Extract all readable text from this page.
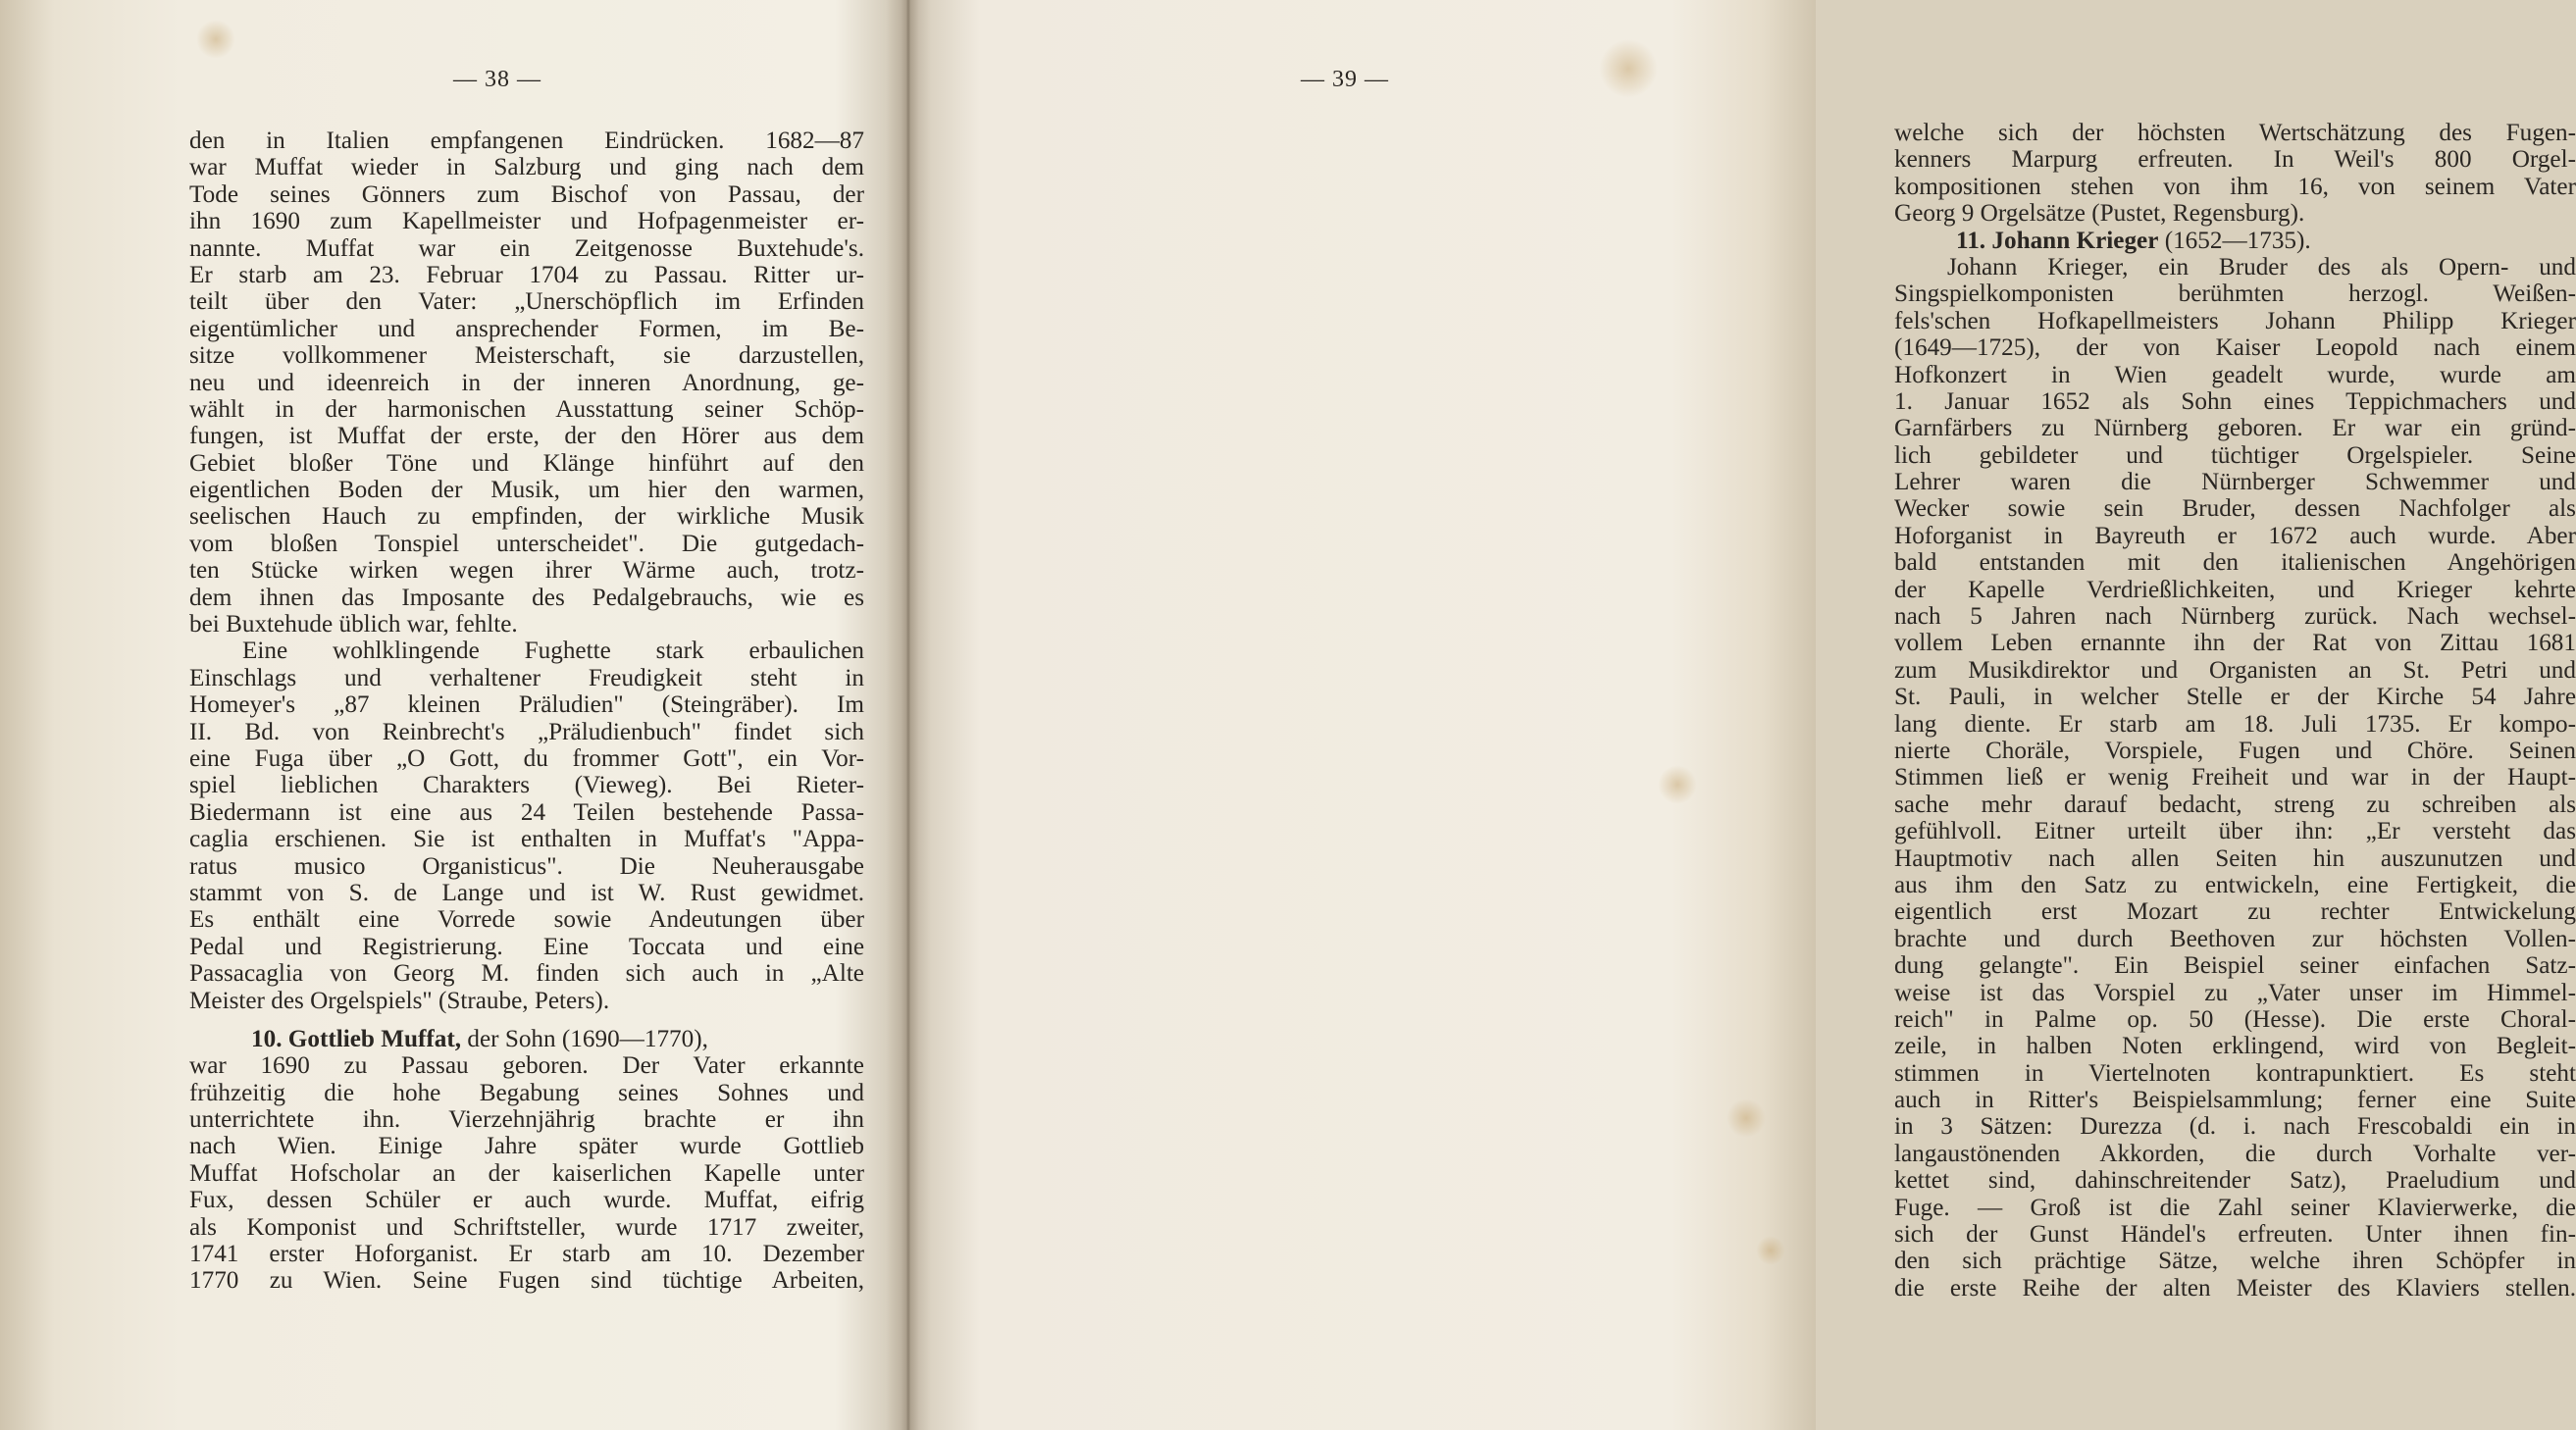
— 38 —
den in Italien empfangenen Eindrücken. 1682—87
war Muffat wieder in Salzburg und ging nach dem
Tode seines Gönners zum Bischof von Passau, der
ihn 1690 zum Kapellmeister und Hofpagenmeister er-
nannte. Muffat war ein Zeitgenosse Buxtehude's.
Er starb am 23. Februar 1704 zu Passau. Ritter ur-
teilt über den Vater: „Unerschöpflich im Erfinden
eigentümlicher und ansprechender Formen, im Be-
sitze vollkommener Meisterschaft, sie darzustellen,
neu und ideenreich in der inneren Anordnung, ge-
wählt in der harmonischen Ausstattung seiner Schöp-
fungen, ist Muffat der erste, der den Hörer aus dem
Gebiet bloßer Töne und Klänge hinführt auf den
eigentlichen Boden der Musik, um hier den warmen,
seelischen Hauch zu empfinden, der wirkliche Musik
vom bloßen Tonspiel unterscheidet". Die gutgedach-
ten Stücke wirken wegen ihrer Wärme auch, trotz-
dem ihnen das Imposante des Pedalgebrauchs, wie es
bei Buxtehude üblich war, fehlte.
Eine wohlklingende Fughette stark erbaulichen
Einschlags und verhaltener Freudigkeit steht in
Homeyer's „87 kleinen Präludien" (Steingräber). Im
II. Bd. von Reinbrecht's „Präludienbuch" findet sich
eine Fuga über „O Gott, du frommer Gott", ein Vor-
spiel lieblichen Charakters (Vieweg). Bei Rieter-
Biedermann ist eine aus 24 Teilen bestehende Passa-
caglia erschienen. Sie ist enthalten in Muffat's "Appa-
ratus musico Organisticus". Die Neuherausgabe
stammt von S. de Lange und ist W. Rust gewidmet.
Es enthält eine Vorrede sowie Andeutungen über
Pedal und Registrierung. Eine Toccata und eine
Passacaglia von Georg M. finden sich auch in „Alte
Meister des Orgelspiels" (Straube, Peters).
10. Gottlieb Muffat, der Sohn (1690—1770),
war 1690 zu Passau geboren. Der Vater erkannte
frühzeitig die hohe Begabung seines Sohnes und
unterrichtete ihn. Vierzehnjährig brachte er ihn
nach Wien. Einige Jahre später wurde Gottlieb
Muffat Hofscholar an der kaiserlichen Kapelle unter
Fux, dessen Schüler er auch wurde. Muffat, eifrig
als Komponist und Schriftsteller, wurde 1717 zweiter,
1741 erster Hoforganist. Er starb am 10. Dezember
1770 zu Wien. Seine Fugen sind tüchtige Arbeiten,
welche sich der höchsten Wertschätzung des Fugen-
kenners Marpurg erfreuten. In Weil's 800 Orgel-
kompositionen stehen von ihm 16, von seinem Vater
Georg 9 Orgelsätze (Pustet, Regensburg).
11. Johann Krieger (1652—1735).
Johann Krieger, ein Bruder des als Opern- und
Singspielkomponisten berühmten herzogl. Weißen-
fels'schen Hofkapellmeisters Johann Philipp Krieger
(1649—1725), der von Kaiser Leopold nach einem
Hofkonzert in Wien geadelt wurde, wurde am
1. Januar 1652 als Sohn eines Teppichmachers und
Garnfärbers zu Nürnberg geboren. Er war ein gründ-
lich gebildeter und tüchtiger Orgelspieler. Seine
Lehrer waren die Nürnberger Schwemmer und
Wecker sowie sein Bruder, dessen Nachfolger als
Hoforganist in Bayreuth er 1672 auch wurde. Aber
bald entstanden mit den italienischen Angehörigen
der Kapelle Verdrießlichkeiten, und Krieger kehrte
nach 5 Jahren nach Nürnberg zurück. Nach wechsel-
vollem Leben ernannte ihn der Rat von Zittau 1681
zum Musikdirektor und Organisten an St. Petri und
St. Pauli, in welcher Stelle er der Kirche 54 Jahre
lang diente. Er starb am 18. Juli 1735. Er kompo-
nierte Choräle, Vorspiele, Fugen und Chöre. Seinen
Stimmen ließ er wenig Freiheit und war in der Haupt-
sache mehr darauf bedacht, streng zu schreiben als
gefühlvoll. Eitner urteilt über ihn: „Er versteht das
Hauptmotiv nach allen Seiten hin auszunutzen und
aus ihm den Satz zu entwickeln, eine Fertigkeit, die
eigentlich erst Mozart zu rechter Entwickelung
brachte und durch Beethoven zur höchsten Vollen-
dung gelangte". Ein Beispiel seiner einfachen Satz-
weise ist das Vorspiel zu „Vater unser im Himmel-
reich" in Palme op. 50 (Hesse). Die erste Choral-
zeile, in halben Noten erklingend, wird von Begleit-
stimmen in Viertelnoten kontrapunktiert. Es steht
auch in Ritter's Beispielsammlung; ferner eine Suite
in 3 Sätzen: Durezza (d. i. nach Frescobaldi ein in
langaustönenden Akkorden, die durch Vorhalte ver-
kettet sind, dahinschreitender Satz), Praeludium und
Fuge. — Groß ist die Zahl seiner Klavierwerke, die
sich der Gunst Händel's erfreuten. Unter ihnen fin-
den sich prächtige Sätze, welche ihren Schöpfer in
die erste Reihe der alten Meister des Klaviers stellen.
— 39 —
